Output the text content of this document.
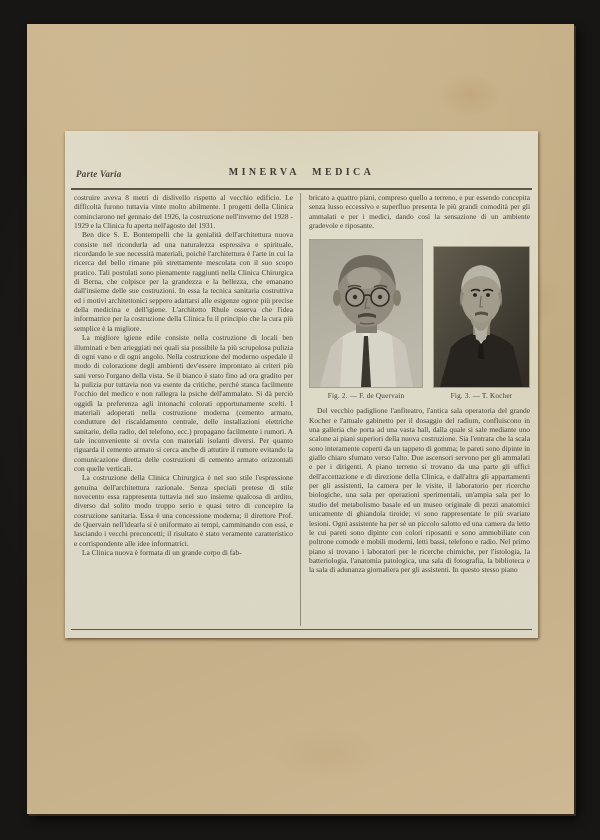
Parte Varia	MINERVA MEDICA

costruire aveva 8 metri di dislivello rispetto al vecchio edificio. Le difficoltà furono tuttavia vinte molto abilmente. I progetti della Clinica cominciarono nel gennaio del 1926, la costruzione nell'inverno del 1928 - 1929 e la Clinica fu aperta nell'agosto del 1931.

Ben dice S. E. Bontempelli che la genialità dell'architettura nuova consiste nel ricondurla ad una naturalezza espressiva e spirituale, ricordando le sue necessità materiali, poichè l'architettura è l'arte in cui la ricerca del bello rimane più strettamente mescolata con il suo scopo pratico. Tali postulati sono pienamente raggiunti nella Clinica Chirurgica di Berna, che colpisce per la grandezza e la bellezza, che emanano dall'insieme delle sue costruzioni. In essa la tecnica sanitaria costruttiva ed i motivi architettonici seppero adattarsi alle esigenze ognor più precise della medicina e dell'igiene. L'architetto Rhule osserva che l'idea informatrice per la costruzione della Clinica fu il principio che la cura più semplice è la migliore.

La migliore igiene edile consiste nella costruzione di locali ben illuminati e ben arieggiati nei quali sia possibile la più scrupolosa pulizia di ogni vano e di ogni angolo. Nella costruzione del moderno ospedale il modo di colorazione degli ambienti dev'essere improntato ai criteri più sani verso l'organo della vista. Se il bianco è stato fino ad ora gradito per la pulizia pur tuttavia non va esente da critiche, perchè stanca facilmente l'occhio del medico e non rallegra la psiche dell'ammalato. Si dà perciò oggidì la preferenza agli intonachi colorati opportunamente scelti. I materiali adoperati nella costruzione moderna (cemento armato, condutture del riscaldamento centrale, delle installazioni elettriche sanitarie, della radio, del telefono, ecc.) propagano facilmente i rumori. A tale inconveniente si ovvia con materiali isolanti diversi. Per quanto riguarda il cemento armato si cerca anche di attutire il rumore evitando la comunicazione diretta delle costruzioni di cemento armato orizzontali con quelle verticali.

La costruzione della Clinica Chirurgica è nel suo stile l'espressione genuina dell'architettura razionale. Senza speciali pretese di stile novecento essa rappresenta tuttavia nel suo insieme qualcosa di ardito, diverso dal solito modo troppo serio e quasi tetro di concepire la costruzione sanitaria. Essa è una concessione moderna; il direttore Prof. de Quervain nell'idearla si è uniformato ai tempi, camminando con essi, e lasciando i vecchi preconcetti; il risultato è stato veramente caratteristico e corrispondente alle idee informatrici.

La Clinica nuova è formata di un grande corpo di fab-

bricato a quattro piani, compreso quello a terreno, e pur essendo concepita senza lusso eccessivo e superfluo presenta le più grandi comodità per gli ammalati e per i medici, dando così la sensazione di un ambiente gradevole e riposante.

Fig. 2. — F. de Quervain	Fig. 3. — T. Kocher

Del vecchio padiglione l'anfiteatro, l'antica sala operatoria del grande Kocher e l'attuale gabinetto per il dosaggio del radium, confluiscono in una galleria che porta ad una vasta hall, dalla quale si sale mediante uno scalone ai piani superiori della nuova costruzione. Sia l'entrata che la scala sono interamente coperti da un tappeto di gomma; le pareti sono dipinte in giallo chiaro sfumato verso l'alto. Due ascensori servono per gli ammalati e per i dirigenti. A piano terreno si trovano da una parte gli uffici dell'accettazione e di direzione della Clinica, e dall'altra gli appartamenti per gli assistenti, la camera per le visite, il laboratorio per ricerche biologiche, una sala per operazioni sperimentali, un'ampia sala per lo studio del metabolismo basale ed un museo originale di pezzi anatomici unicamente di ghiandola tiroide; vi sono rappresentate le più svariate lesioni. Ogni assistente ha per sè un piccolo salotto ed una camera da letto le cui pareti sono dipinte con colori riposanti e sono ammobiliate con poltrone comode e mobili moderni, letti bassi, telefono e radio. Nel primo piano si trovano i laboratori per le ricerche chimiche, per l'istologia, la batteriologia, l'anatomia patologica, una sala di fotografia, la biblioteca e la sala di adunanza giornaliera per gli assistenti. In questo stesso piano
